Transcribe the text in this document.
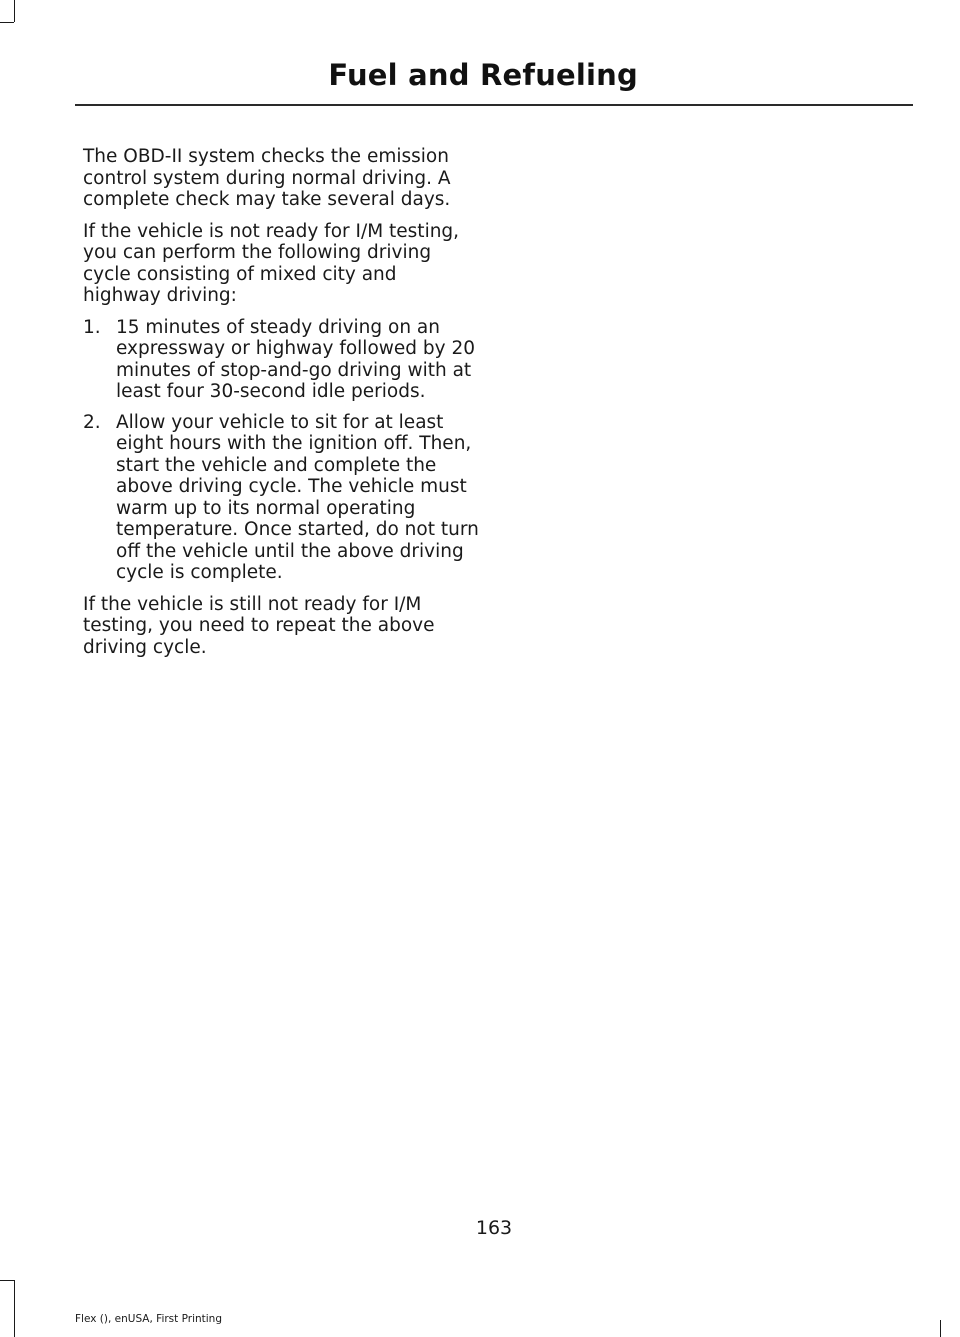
Fuel and Refueling

The OBD-II system checks the emission control system during normal driving. A complete check may take several days.

If the vehicle is not ready for I/M testing, you can perform the following driving cycle consisting of mixed city and highway driving:

1. 15 minutes of steady driving on an expressway or highway followed by 20 minutes of stop-and-go driving with at least four 30-second idle periods.
2. Allow your vehicle to sit for at least eight hours with the ignition off. Then, start the vehicle and complete the above driving cycle. The vehicle must warm up to its normal operating temperature. Once started, do not turn off the vehicle until the above driving cycle is complete.

If the vehicle is still not ready for I/M testing, you need to repeat the above driving cycle.

163
Flex (), enUSA, First Printing
